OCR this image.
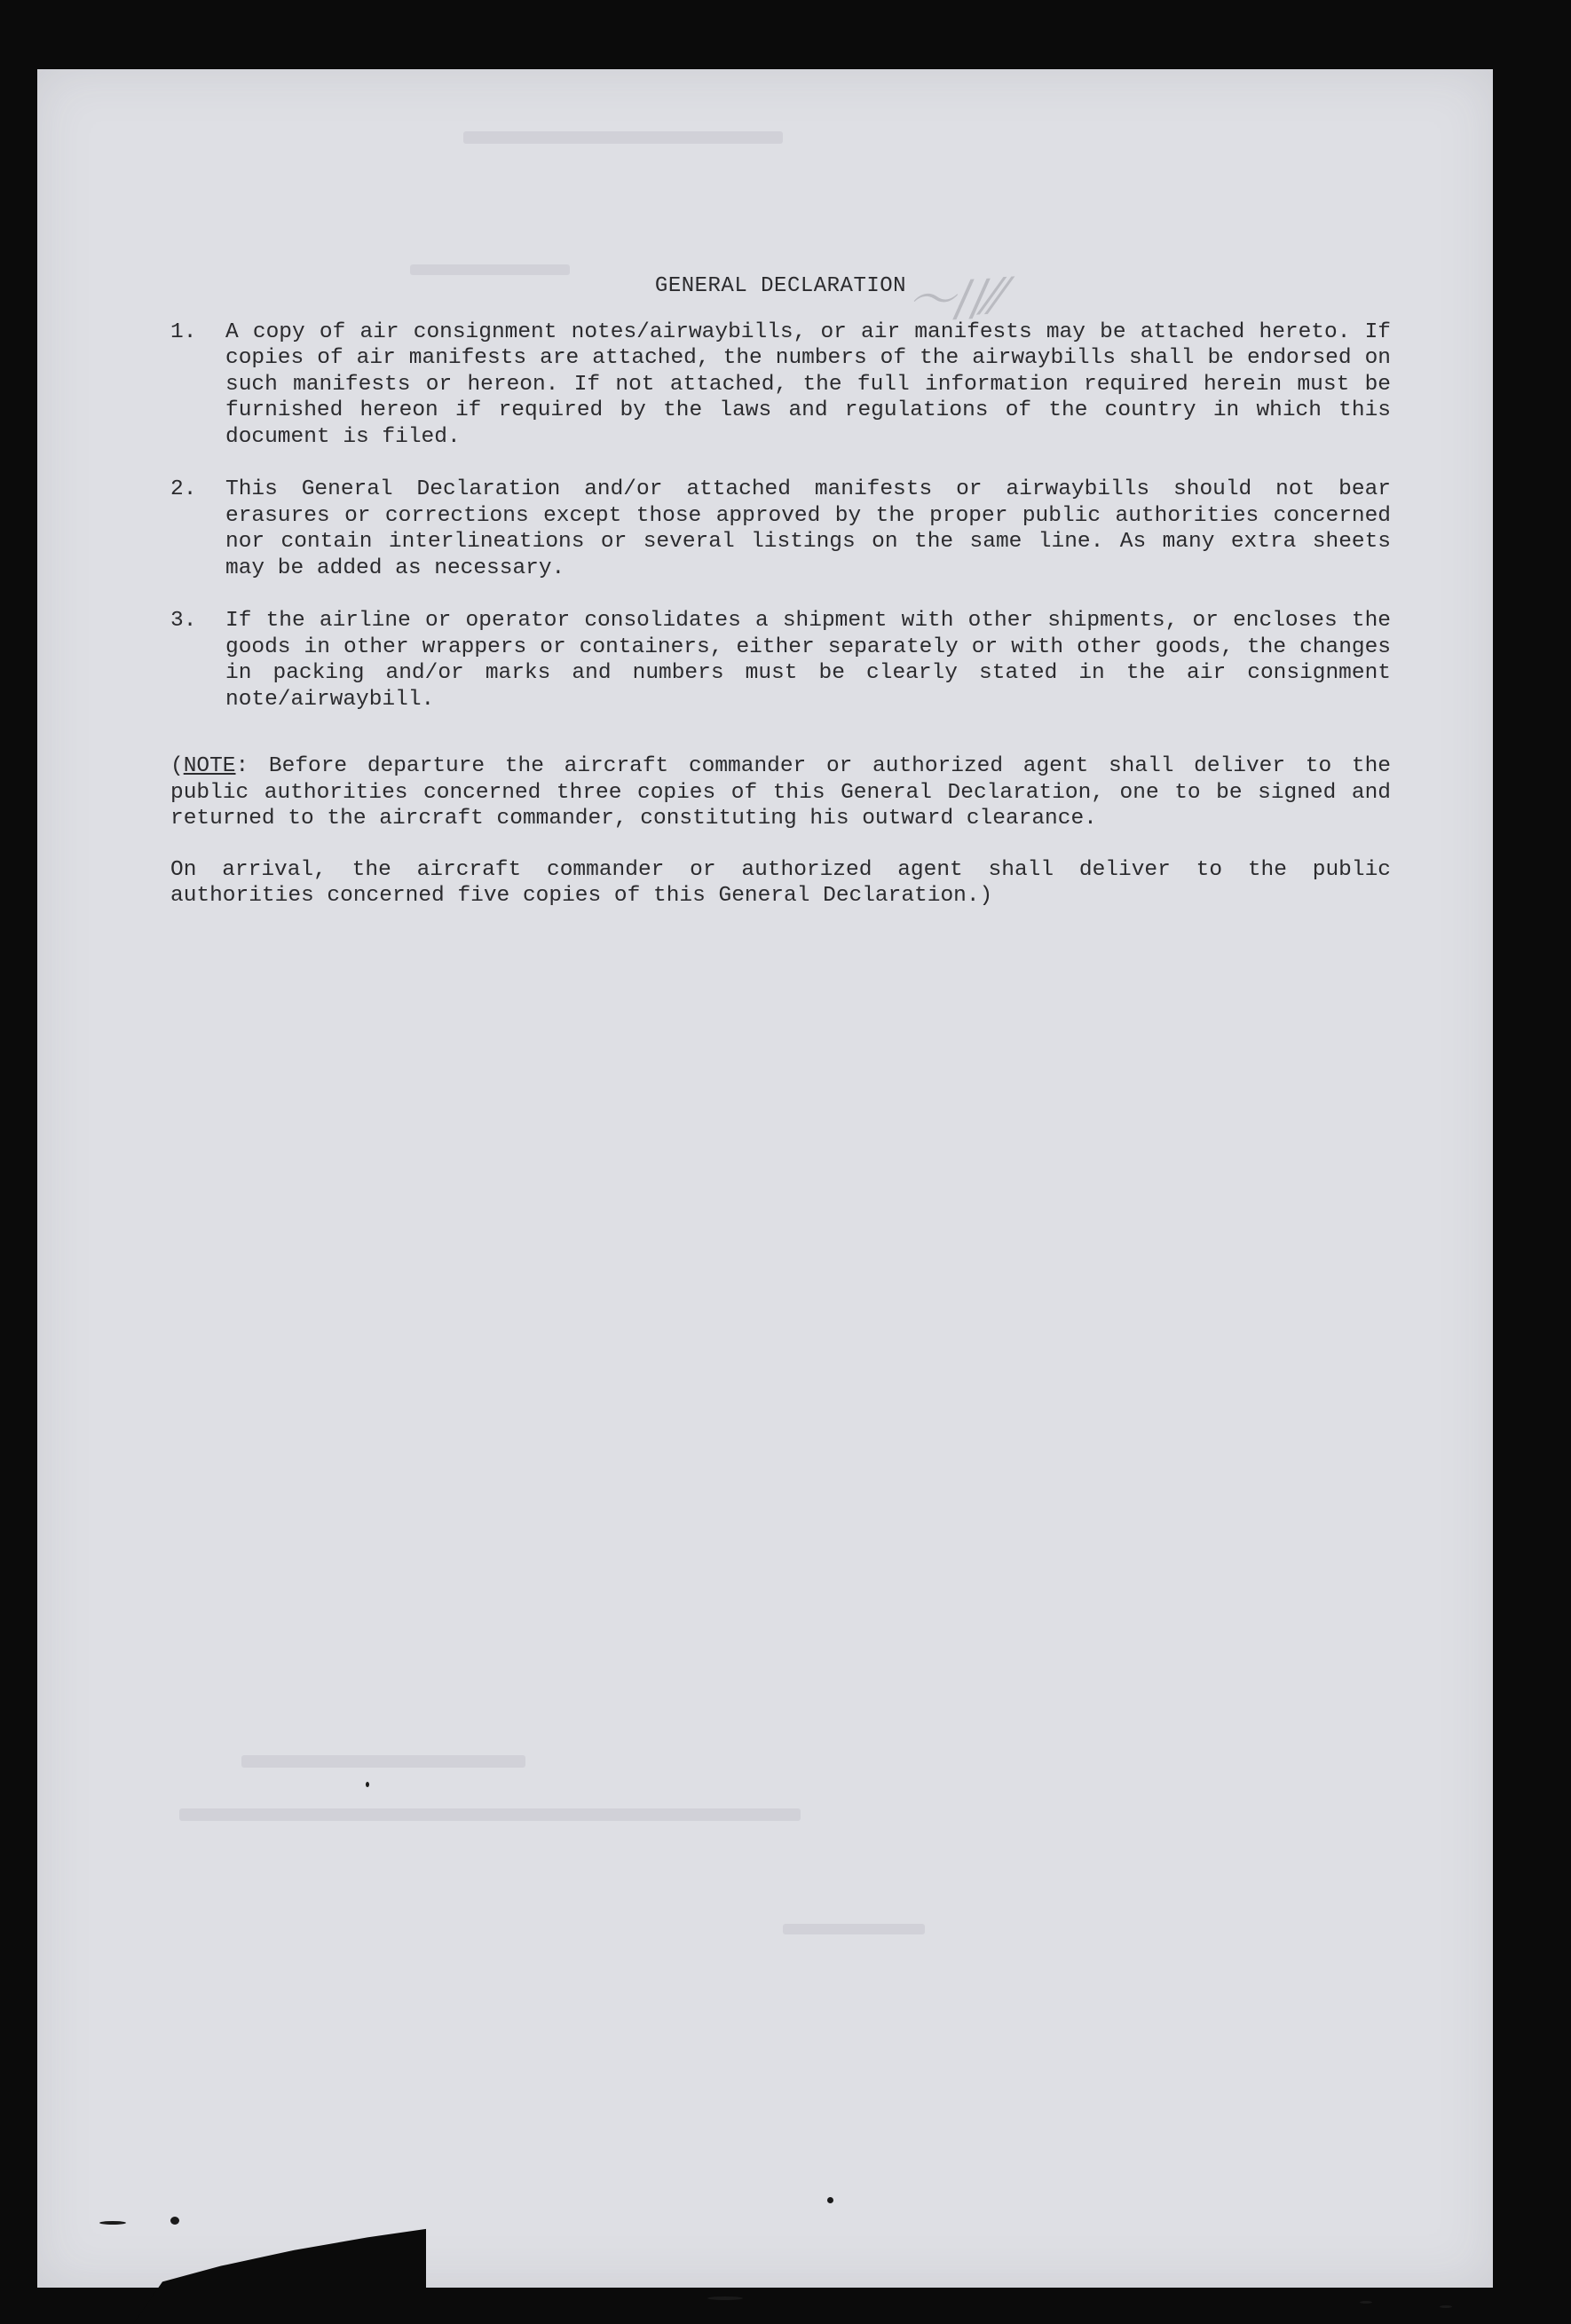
〜∕∕⁄⁄
GENERAL DECLARATION
1. A copy of air consignment notes/airwaybills, or air manifests may be attached hereto. If copies of air manifests are attached, the numbers of the airwaybills shall be endorsed on such manifests or hereon. If not attached, the full information required herein must be furnished hereon if required by the laws and regulations of the country in which this document is filed.
2. This General Declaration and/or attached manifests or airwaybills should not bear erasures or corrections except those approved by the proper public authorities concerned nor contain interlineations or several listings on the same line. As many extra sheets may be added as necessary.
3. If the airline or operator consolidates a shipment with other shipments, or encloses the goods in other wrappers or containers, either separately or with other goods, the changes in packing and/or marks and numbers must be clearly stated in the air consignment note/airwaybill.
(NOTE: Before departure the aircraft commander or authorized agent shall deliver to the public authorities concerned three copies of this General Declaration, one to be signed and returned to the aircraft commander, constituting his outward clearance.
On arrival, the aircraft commander or authorized agent shall deliver to the public authorities concerned five copies of this General Declaration.)
